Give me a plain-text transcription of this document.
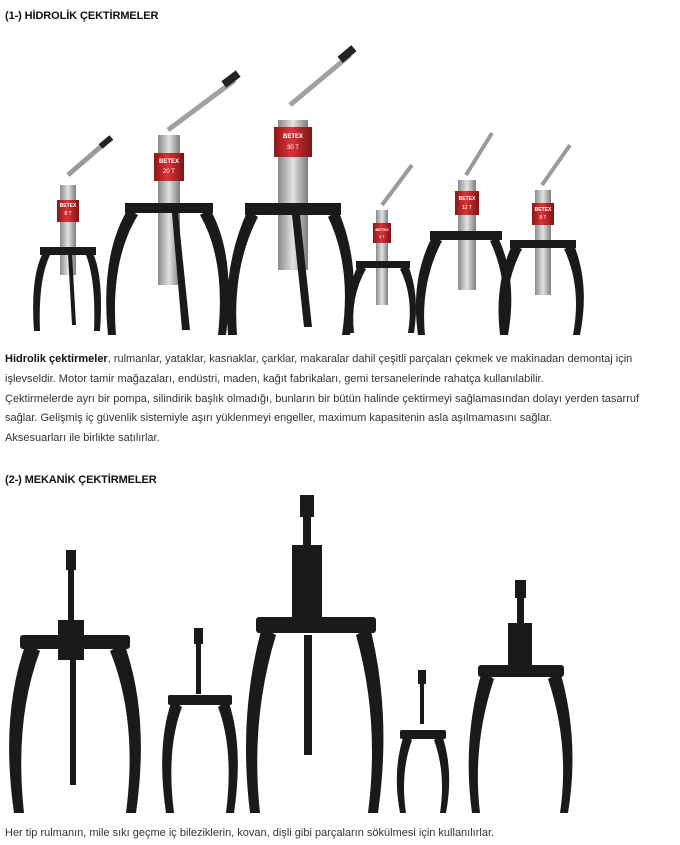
(1-) HİDROLİK ÇEKTİRMELER
BETEX
8 T
BETEX
20 T
BETEX
30 T
BETEX
4 T
BETEX
12 T	BETEX
8 T
Hidrolik çektirmeler, rulmanlar, yataklar, kasnaklar, çarklar, makaralar dahil çeşitli parçaları çekmek ve makinadan demontaj için işlevseldir. Motor tamir mağazaları, endüstri, maden, kağıt fabrikaları, gemi tersanelerinde rahatça kullanılabilir.
Çektirmelerde ayrı bir pompa, silindirik başlık olmadığı, bunların bir bütün halinde çektirmeyi sağlamasından dolayı yerden tasarruf sağlar. Gelişmiş iç güvenlik sistemiyle aşırı yüklenmeyi engeller, maximum kapasitenin asla aşılmamasını sağlar.
Aksesuarları ile birlikte satılırlar.
(2-) MEKANİK ÇEKTİRMELER
Her tip rulmanın, mile sıkı geçme iç bileziklerin, kovan, dişli gibi parçaların sökülmesi için kullanılırlar.
